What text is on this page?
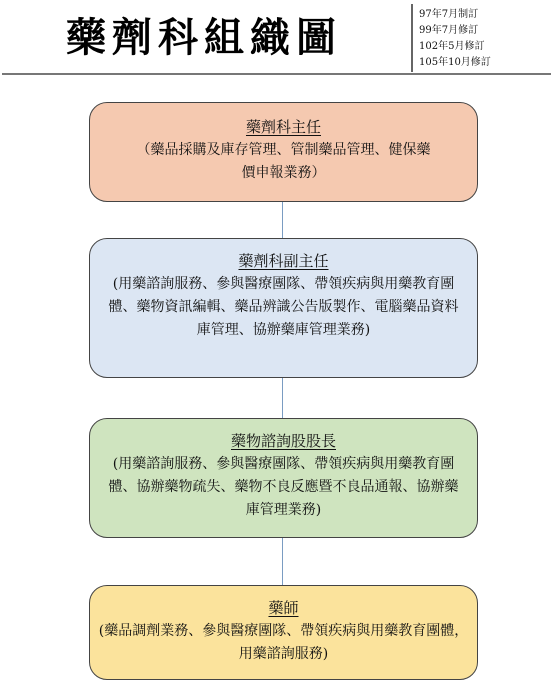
藥劑科組織圖	97年7月制訂
99年7月修訂
102年5月修訂
105年10月修訂
藥劑科主任
（藥品採購及庫存管理、管制藥品管理、健保藥價申報業務）
藥劑科副主任
(用藥諮詢服務、參與醫療團隊、帶領疾病與用藥教育團體、藥物資訊編輯、藥品辨識公告版製作、電腦藥品資料庫管理、協辦藥庫管理業務)
藥物諮詢股股長
(用藥諮詢服務、參與醫療團隊、帶領疾病與用藥教育團體、協辦藥物疏失、藥物不良反應暨不良品通報、協辦藥庫管理業務)
藥師
(藥品調劑業務、參與醫療團隊、帶領疾病與用藥教育團體，用藥諮詢服務)
